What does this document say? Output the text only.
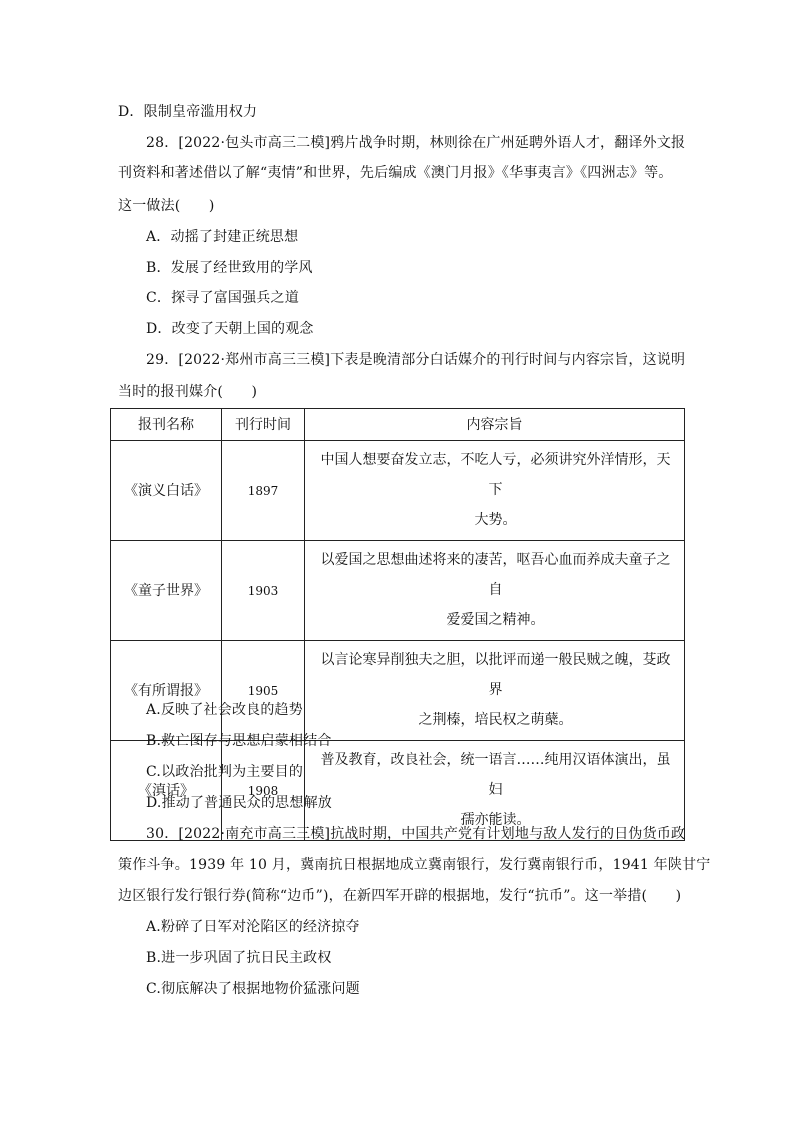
D．限制皇帝滥用权力
28．[2022·包头市高三二模]鸦片战争时期，林则徐在广州延聘外语人才，翻译外文报
刊资料和著述借以了解“夷情”和世界，先后编成《澳门月报》《华事夷言》《四洲志》等。
这一做法(　　)
A．动摇了封建正统思想
B．发展了经世致用的学风
C．探寻了富国强兵之道
D．改变了天朝上国的观念
29．[2022·郑州市高三三模]下表是晚清部分白话媒介的刊行时间与内容宗旨，这说明
当时的报刊媒介(　　)
报刊名称	刊行时间	内容宗旨
《演义白话》	1897	中国人想要奋发立志，不吃人亏，必须讲究外洋情形，天下
大势。
《童子世界》	1903	以爱国之思想曲述将来的凄苦，呕吾心血而养成夫童子之自
爱爱国之精神。
《有所谓报》	1905	以言论寒异削独夫之胆，以批评而递一般民贼之魄，芟政界
之荆榛，培民权之萌蘖。
《滇话》	1908	普及教育，改良社会，统一语言……纯用汉语体演出，虽妇
孺亦能读。
A.反映了社会改良的趋势
B.救亡图存与思想启蒙相结合
C.以政治批判为主要目的
D.推动了普通民众的思想解放
30．[2022·南充市高三三模]抗战时期，中国共产党有计划地与敌人发行的日伪货币政
策作斗争。1939 年 10 月，冀南抗日根据地成立冀南银行，发行冀南银行币，1941 年陕甘宁
边区银行发行银行券(简称“边币”)，在新四军开辟的根据地，发行“抗币”。这一举措(　　)
A.粉碎了日军对沦陷区的经济掠夺
B.进一步巩固了抗日民主政权
C.彻底解决了根据地物价猛涨问题
